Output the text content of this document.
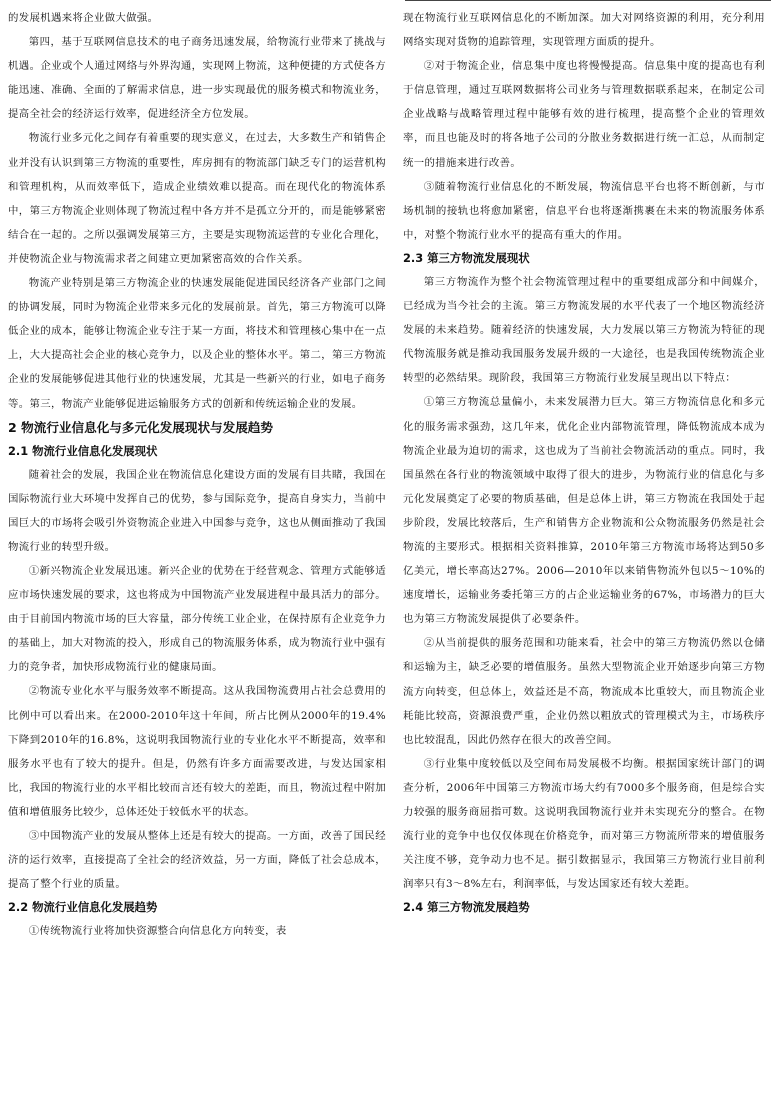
的发展机遇来将企业做大做强。

第四，基于互联网信息技术的电子商务迅速发展，给物流行业带来了挑战与机遇。企业或个人通过网络与外界沟通，实现网上物流，这种便捷的方式使各方能迅速、准确、全面的了解需求信息，进一步实现最优的服务模式和物流业务，提高全社会的经济运行效率，促进经济全方位发展。

物流行业多元化之间存有着重要的现实意义，在过去，大多数生产和销售企业并没有认识到第三方物流的重要性，库房拥有的物流部门缺乏专门的运营机构和管理机构，从而效率低下，造成企业绩效难以提高。而在现代化的物流体系中，第三方物流企业则体现了物流过程中各方并不是孤立分开的，而是能够紧密结合在一起的。之所以强调发展第三方，主要是实现物流运营的专业化合理化，并使物流企业与物流需求者之间建立更加紧密高效的合作关系。

物流产业特别是第三方物流企业的快速发展能促进国民经济各产业部门之间的协调发展，同时为物流企业带来多元化的发展前景。首先，第三方物流可以降低企业的成本，能够让物流企业专注于某一方面，将技术和管理核心集中在一点上，大大提高社会企业的核心竞争力，以及企业的整体水平。第二，第三方物流企业的发展能够促进其他行业的快速发展，尤其是一些新兴的行业，如电子商务等。第三，物流产业能够促进运输服务方式的创新和传统运输企业的发展。

2 物流行业信息化与多元化发展现状与发展趋势
2.1 物流行业信息化发展现状

随着社会的发展，我国企业在物流信息化建设方面的发展有目共睹，我国在国际物流行业大环境中发挥自己的优势，参与国际竞争，提高自身实力，当前中国巨大的市场将会吸引外资物流企业进入中国参与竞争，这也从侧面推动了我国物流行业的转型升级。

①新兴物流企业发展迅速。新兴企业的优势在于经营观念、管理方式能够适应市场快速发展的要求，这也将成为中国物流产业发展进程中最具活力的部分。由于目前国内物流市场的巨大容量，部分传统工业企业，在保持原有企业竞争力的基础上，加大对物流的投入，形成自己的物流服务体系，成为物流行业中强有力的竞争者，加快形成物流行业的健康局面。

②物流专业化水平与服务效率不断提高。这从我国物流费用占社会总费用的比例中可以看出来。在2000-2010年这十年间，所占比例从2000年的19.4%下降到2010年的16.8%，这说明我国物流行业的专业化水平不断提高，效率和服务水平也有了较大的提升。但是，仍然有许多方面需要改进，与发达国家相比，我国的物流行业的水平相比较而言还有较大的差距，而且，物流过程中附加值和增值服务比较少，总体还处于较低水平的状态。

③中国物流产业的发展从整体上还是有较大的提高。一方面，改善了国民经济的运行效率，直接提高了全社会的经济效益，另一方面，降低了社会总成本，提高了整个行业的质量。

2.2 物流行业信息化发展趋势

①传统物流行业将加快资源整合向信息化方向转变，表

现在物流行业互联网信息化的不断加深。加大对网络资源的利用，充分利用网络实现对货物的追踪管理，实现管理方面质的提升。

②对于物流企业，信息集中度也将慢慢提高。信息集中度的提高也有利于信息管理，通过互联网数据将公司业务与管理数据联系起来，在制定公司企业战略与战略管理过程中能够有效的进行梳理，提高整个企业的管理效率，而且也能及时的将各地子公司的分散业务数据进行统一汇总，从而制定统一的措施来进行改善。

③随着物流行业信息化的不断发展，物流信息平台也将不断创新，与市场机制的接轨也将愈加紧密，信息平台也将逐渐携裹在未来的物流服务体系中，对整个物流行业水平的提高有重大的作用。

2.3 第三方物流发展现状

第三方物流作为整个社会物流管理过程中的重要组成部分和中间媒介，已经成为当今社会的主流。第三方物流发展的水平代表了一个地区物流经济发展的未来趋势。随着经济的快速发展，大力发展以第三方物流为特征的现代物流服务就是推动我国服务发展升级的一大途径，也是我国传统物流企业转型的必然结果。现阶段，我国第三方物流行业发展呈现出以下特点：

①第三方物流总量偏小，未来发展潜力巨大。第三方物流信息化和多元化的服务需求强劲，这几年来，优化企业内部物流管理，降低物流成本成为物流企业最为迫切的需求，这也成为了当前社会物流活动的重点。同时，我国虽然在各行业的物流领域中取得了很大的进步，为物流行业的信息化与多元化发展奠定了必要的物质基础，但是总体上讲，第三方物流在我国处于起步阶段，发展比较落后，生产和销售方企业物流和公众物流服务仍然是社会物流的主要形式。根据相关资料推算，2010年第三方物流市场将达到50多亿美元，增长率高达27%。2006—2010年以来销售物流外包以5～10%的速度增长，运输业务委托第三方的占企业运输业务的67%，市场潜力的巨大也为第三方物流发展提供了必要条件。

②从当前提供的服务范围和功能来看，社会中的第三方物流仍然以仓储和运输为主，缺乏必要的增值服务。虽然大型物流企业开始逐步向第三方物流方向转变，但总体上，效益还是不高，物流成本比重较大，而且物流企业耗能比较高，资源浪费严重，企业仍然以粗放式的管理模式为主，市场秩序也比较混乱，因此仍然存在很大的改善空间。

③行业集中度较低以及空间布局发展极不均衡。根据国家统计部门的调查分析，2006年中国第三方物流市场大约有7000多个服务商，但是综合实力较强的服务商屈指可数。这说明我国物流行业并未实现充分的整合。在物流行业的竞争中也仅仅体现在价格竞争，而对第三方物流所带来的增值服务关注度不够，竞争动力也不足。据引数据显示，我国第三方物流行业目前利润率只有3～8%左右，利润率低，与发达国家还有较大差距。

2.4 第三方物流发展趋势
